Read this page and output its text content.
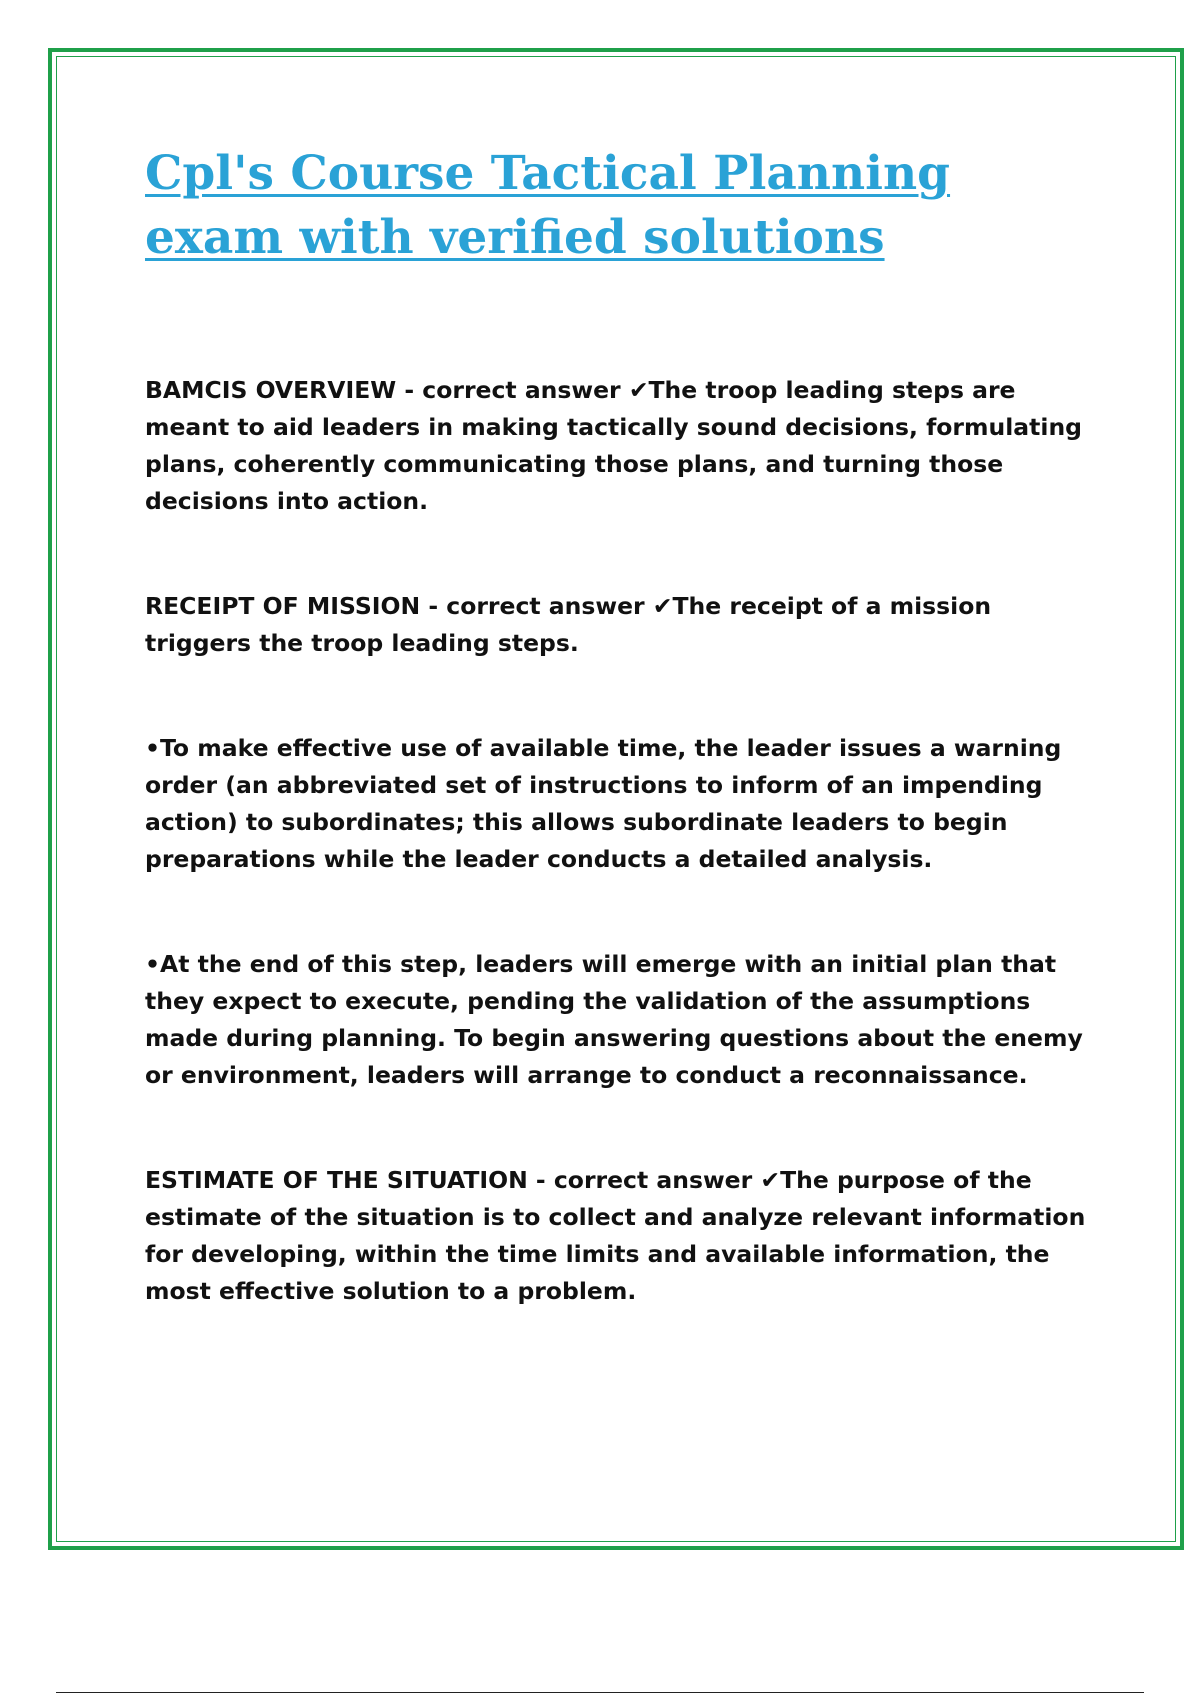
Cpl's Course Tactical Planning exam with verified solutions

BAMCIS OVERVIEW - correct answer ✔The troop leading steps are meant to aid leaders in making tactically sound decisions, formulating plans, coherently communicating those plans, and turning those decisions into action.

RECEIPT OF MISSION - correct answer ✔The receipt of a mission triggers the troop leading steps.

•To make effective use of available time, the leader issues a warning order (an abbreviated set of instructions to inform of an impending action) to subordinates; this allows subordinate leaders to begin preparations while the leader conducts a detailed analysis.

•At the end of this step, leaders will emerge with an initial plan that they expect to execute, pending the validation of the assumptions made during planning. To begin answering questions about the enemy or environment, leaders will arrange to conduct a reconnaissance.

ESTIMATE OF THE SITUATION - correct answer ✔The purpose of the estimate of the situation is to collect and analyze relevant information for developing, within the time limits and available information, the most effective solution to a problem.
